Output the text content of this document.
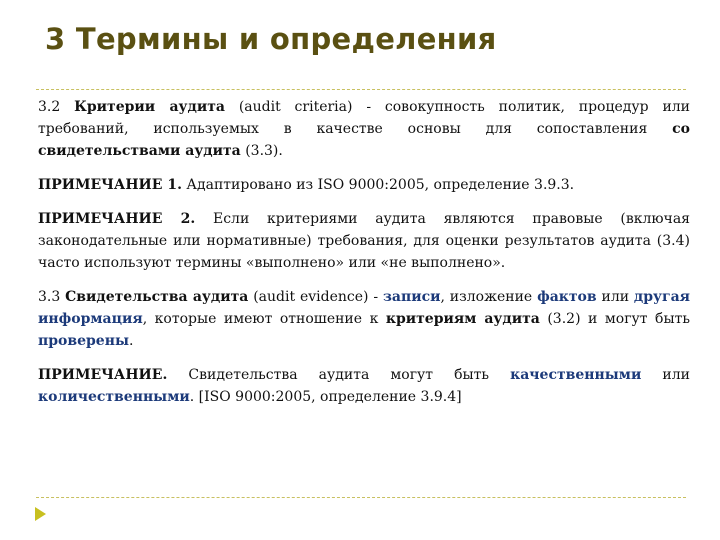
3 Термины и определения

3.2 Критерии аудита (audit criteria) - совокупность политик, процедур или требований, используемых в качестве основы для сопоставления со свидетельствами аудита (3.3).

ПРИМЕЧАНИЕ 1. Адаптировано из ISO 9000:2005, определение 3.9.3.

ПРИМЕЧАНИЕ 2. Если критериями аудита являются правовые (включая законодательные или нормативные) требования, для оценки результатов аудита (3.4) часто используют термины «выполнено» или «не выполнено».

3.3 Свидетельства аудита (audit evidence) - записи, изложение фактов или другая информация, которые имеют отношение к критериям аудита (3.2) и могут быть проверены.

ПРИМЕЧАНИЕ. Свидетельства аудита могут быть качественными или количественными. [ISO 9000:2005, определение 3.9.4]
